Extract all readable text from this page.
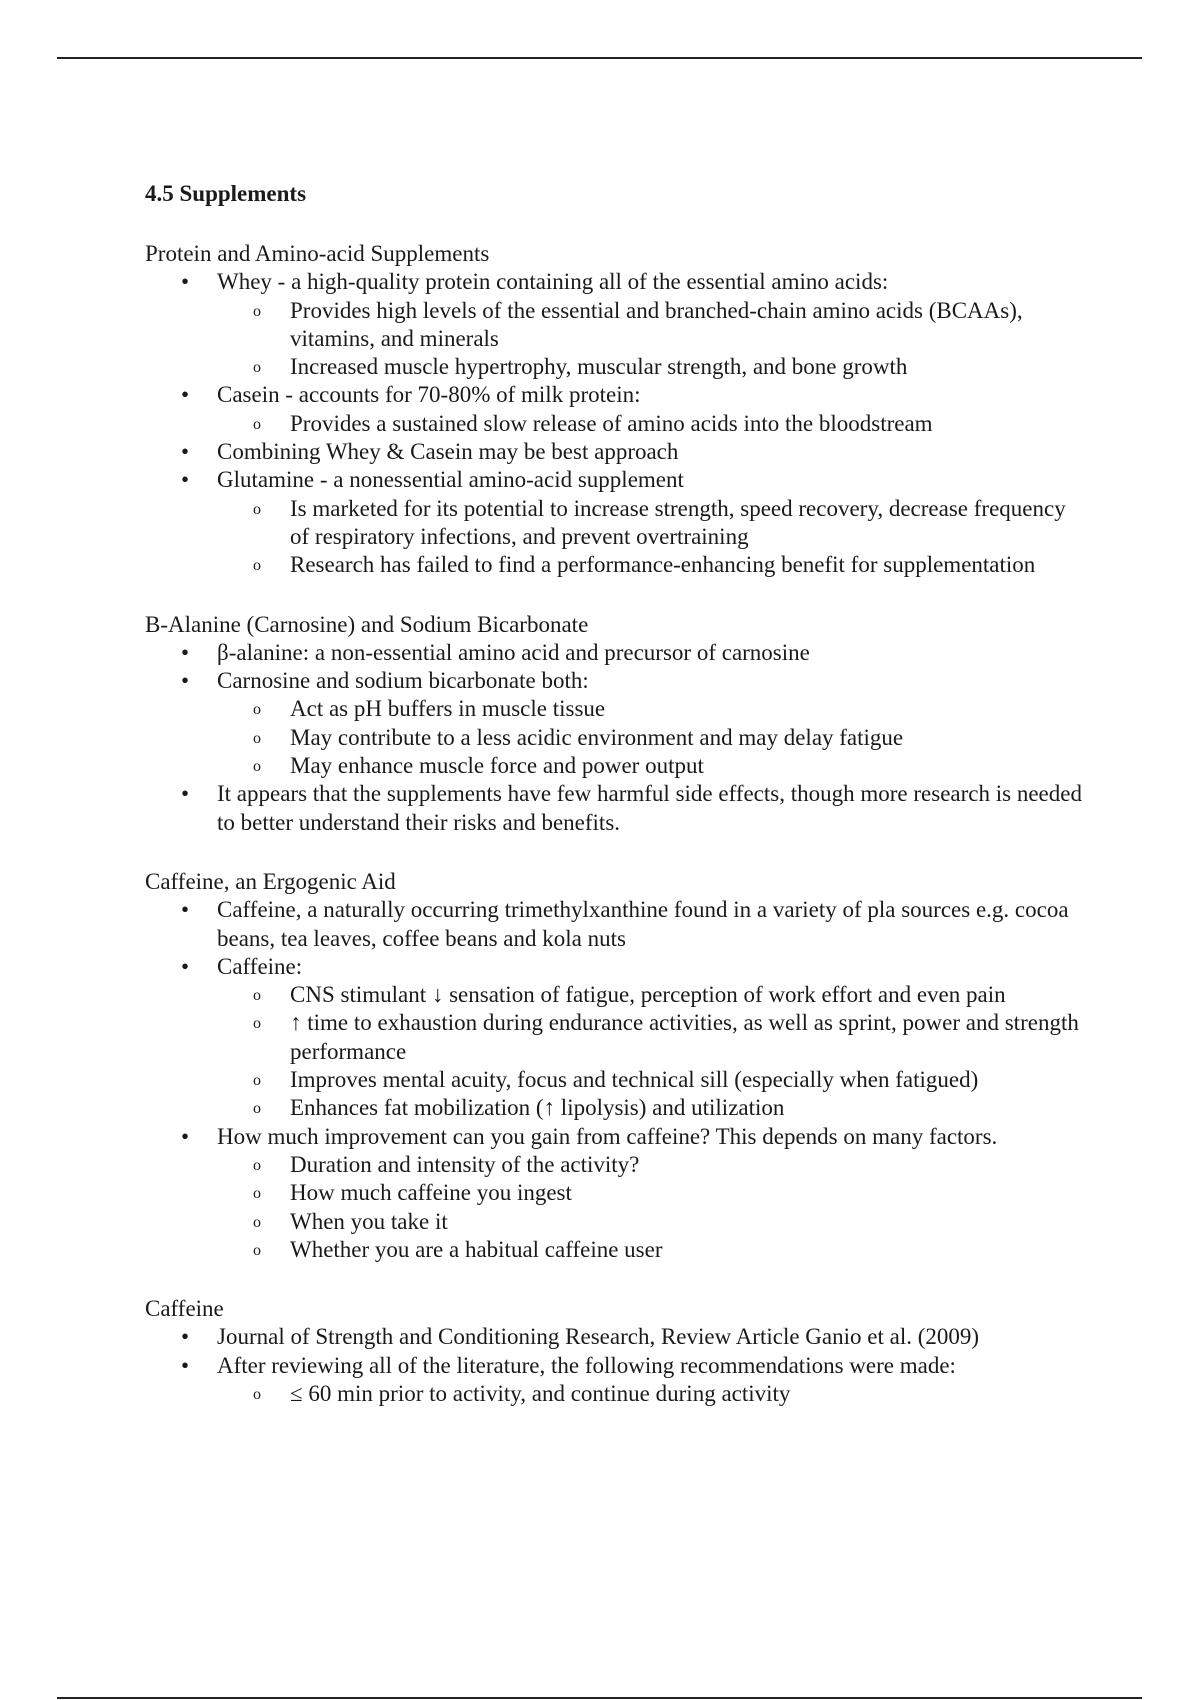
4.5 Supplements

Protein and Amino-acid Supplements

• Whey - a high-quality protein containing all of the essential amino acids:
o Provides high levels of the essential and branched-chain amino acids (BCAAs), vitamins, and minerals
o Increased muscle hypertrophy, muscular strength, and bone growth
• Casein - accounts for 70-80% of milk protein:
o Provides a sustained slow release of amino acids into the bloodstream
• Combining Whey & Casein may be best approach
• Glutamine - a nonessential amino-acid supplement
o Is marketed for its potential to increase strength, speed recovery, decrease frequency of respiratory infections, and prevent overtraining
o Research has failed to find a performance-enhancing benefit for supplementation

B-Alanine (Carnosine) and Sodium Bicarbonate

• β-alanine: a non-essential amino acid and precursor of carnosine
• Carnosine and sodium bicarbonate both:
o Act as pH buffers in muscle tissue
o May contribute to a less acidic environment and may delay fatigue
o May enhance muscle force and power output
• It appears that the supplements have few harmful side effects, though more research is needed to better understand their risks and benefits.

Caffeine, an Ergogenic Aid

• Caffeine, a naturally occurring trimethylxanthine found in a variety of pla sources e.g. cocoa beans, tea leaves, coffee beans and kola nuts
• Caffeine:
o CNS stimulant ↓ sensation of fatigue, perception of work effort and even pain
o ↑ time to exhaustion during endurance activities, as well as sprint, power and strength performance
o Improves mental acuity, focus and technical sill (especially when fatigued)
o Enhances fat mobilization (↑ lipolysis) and utilization
• How much improvement can you gain from caffeine? This depends on many factors.
o Duration and intensity of the activity?
o How much caffeine you ingest
o When you take it
o Whether you are a habitual caffeine user

Caffeine

• Journal of Strength and Conditioning Research, Review Article Ganio et al. (2009)
• After reviewing all of the literature, the following recommendations were made:
o ≤ 60 min prior to activity, and continue during activity
